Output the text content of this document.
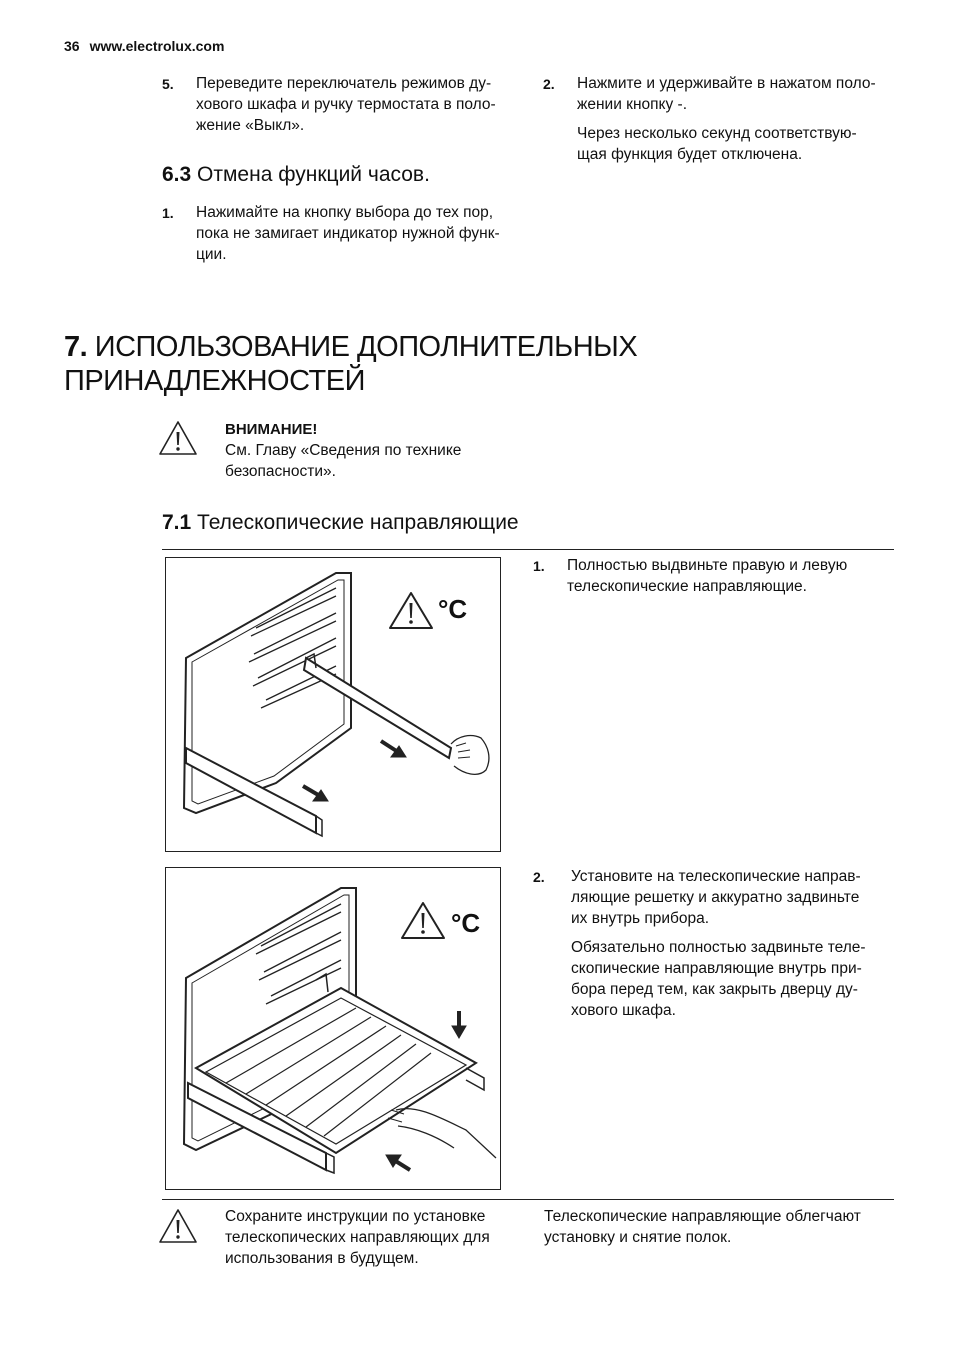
36 www.electrolux.com
5. Переведите переключатель режимов ду-
хового шкафа и ручку термостата в поло-
жение «Выкл».
2. Нажмите и удерживайте в нажатом поло-
жении кнопку -.

Через несколько секунд соответствую-
щая функция будет отключена.

6.3 Отмена функций часов.
1. Нажимайте на кнопку выбора до тех пор,
пока не замигает индикатор нужной функ-
ции.
7. ИСПОЛЬЗОВАНИЕ ДОПОЛНИТЕЛЬНЫХ
ПРИНАДЛЕЖНОСТЕЙ
ВНИМАНИЕ!
См. Главу «Сведения по технике
безопасности».
7.1 Телескопические направляющие
°C
1. Полностью выдвиньте правую и левую
телескопические направляющие.
°C
2. Установите на телескопические направ-
ляющие решетку и аккуратно задвиньте
их внутрь прибора.

Обязательно полностью задвиньте теле-
скопические направляющие внутрь при-
бора перед тем, как закрыть дверцу ду-
хового шкафа.

Сохраните инструкции по установке
телескопических направляющих для
использования в будущем.
Телескопические направляющие облегчают
установку и снятие полок.
